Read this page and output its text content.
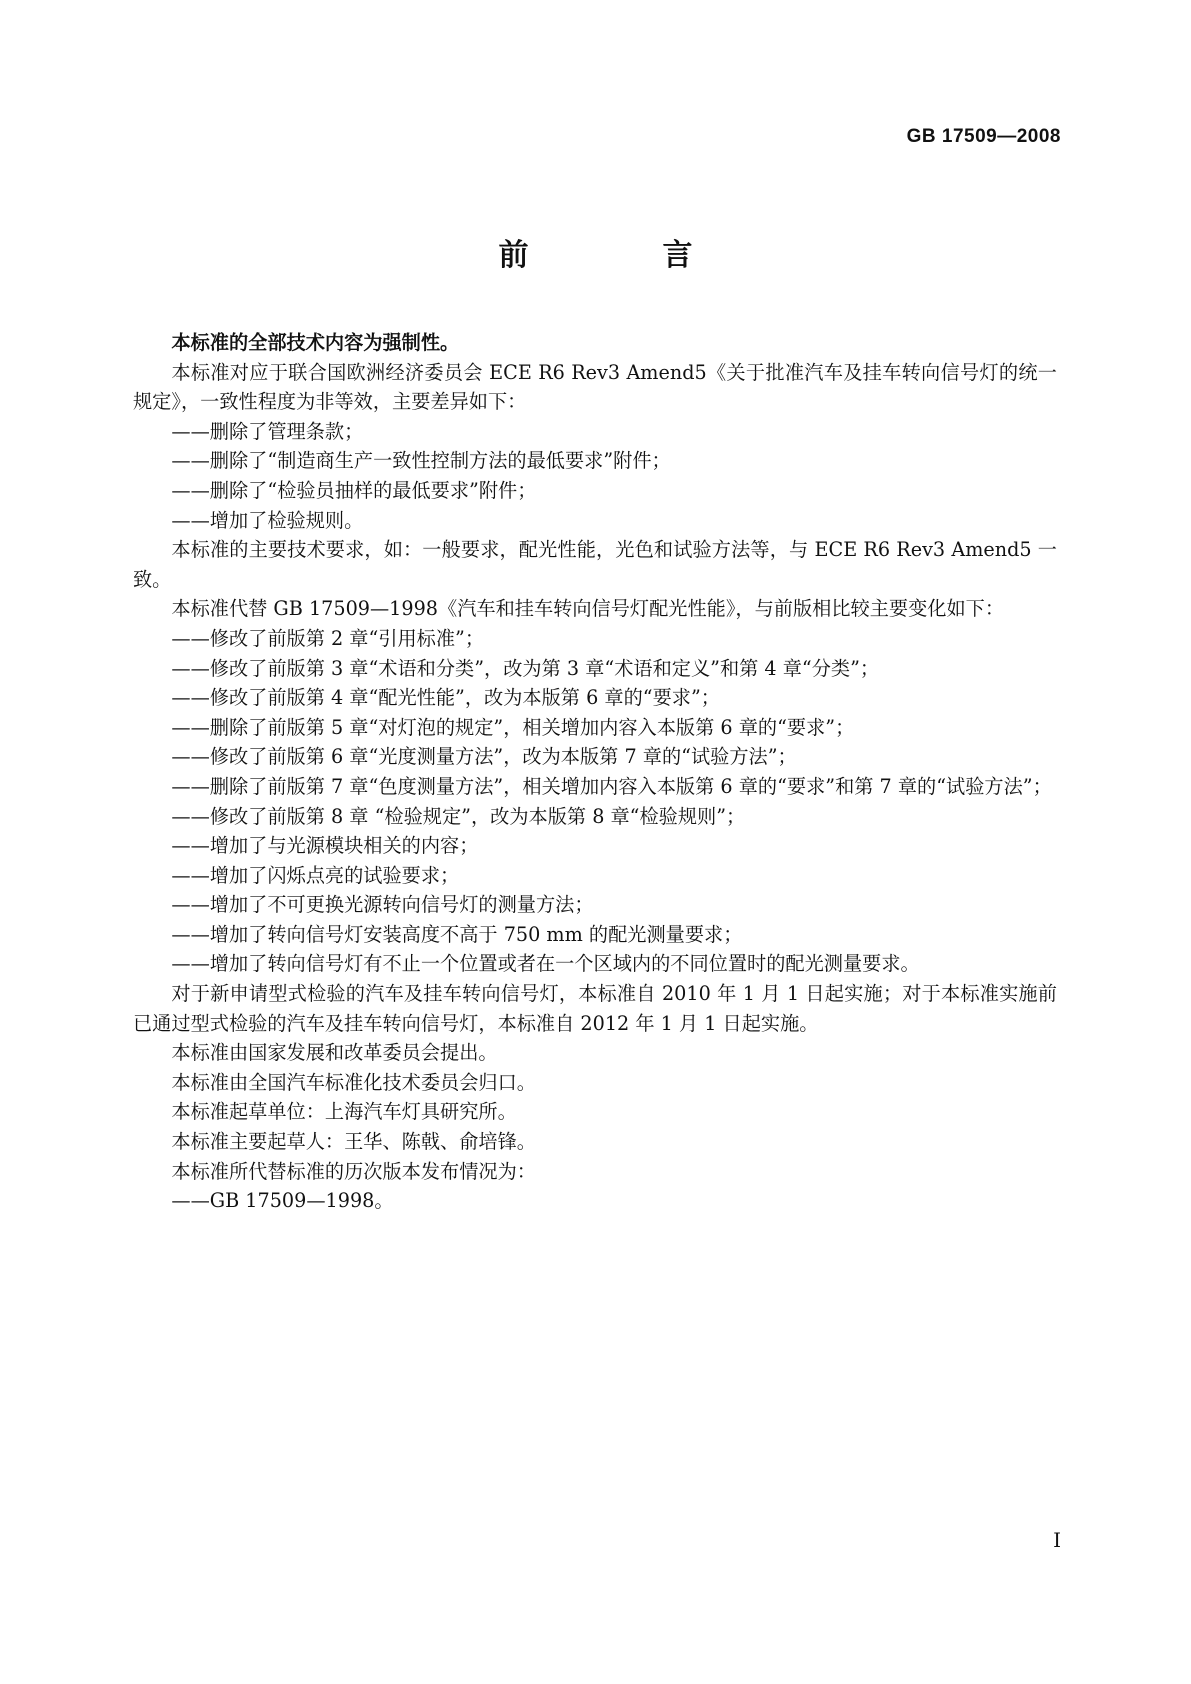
GB 17509—2008
前　言

本标准的全部技术内容为强制性。

本标准对应于联合国欧洲经济委员会 ECE R6 Rev3 Amend5《关于批准汽车及挂车转向信号灯的统一规定》，一致性程度为非等效，主要差异如下：

——删除了管理条款；

——删除了“制造商生产一致性控制方法的最低要求”附件；

——删除了“检验员抽样的最低要求”附件；

——增加了检验规则。

本标准的主要技术要求，如：一般要求，配光性能，光色和试验方法等，与 ECE R6 Rev3 Amend5 一致。

本标准代替 GB 17509—1998《汽车和挂车转向信号灯配光性能》，与前版相比较主要变化如下：

——修改了前版第 2 章“引用标准”；

——修改了前版第 3 章“术语和分类”，改为第 3 章“术语和定义”和第 4 章“分类”；

——修改了前版第 4 章“配光性能”，改为本版第 6 章的“要求”；

——删除了前版第 5 章“对灯泡的规定”，相关增加内容入本版第 6 章的“要求”；

——修改了前版第 6 章“光度测量方法”，改为本版第 7 章的“试验方法”；

——删除了前版第 7 章“色度测量方法”，相关增加内容入本版第 6 章的“要求”和第 7 章的“试验方法”；

——修改了前版第 8 章 “检验规定”，改为本版第 8 章“检验规则”；

——增加了与光源模块相关的内容；

——增加了闪烁点亮的试验要求；

——增加了不可更换光源转向信号灯的测量方法；

——增加了转向信号灯安装高度不高于 750 mm 的配光测量要求；

——增加了转向信号灯有不止一个位置或者在一个区域内的不同位置时的配光测量要求。

对于新申请型式检验的汽车及挂车转向信号灯，本标准自 2010 年 1 月 1 日起实施；对于本标准实施前已通过型式检验的汽车及挂车转向信号灯，本标准自 2012 年 1 月 1 日起实施。

本标准由国家发展和改革委员会提出。

本标准由全国汽车标准化技术委员会归口。

本标准起草单位：上海汽车灯具研究所。

本标准主要起草人：王华、陈戟、俞培锋。

本标准所代替标准的历次版本发布情况为：

——GB 17509—1998。

I
